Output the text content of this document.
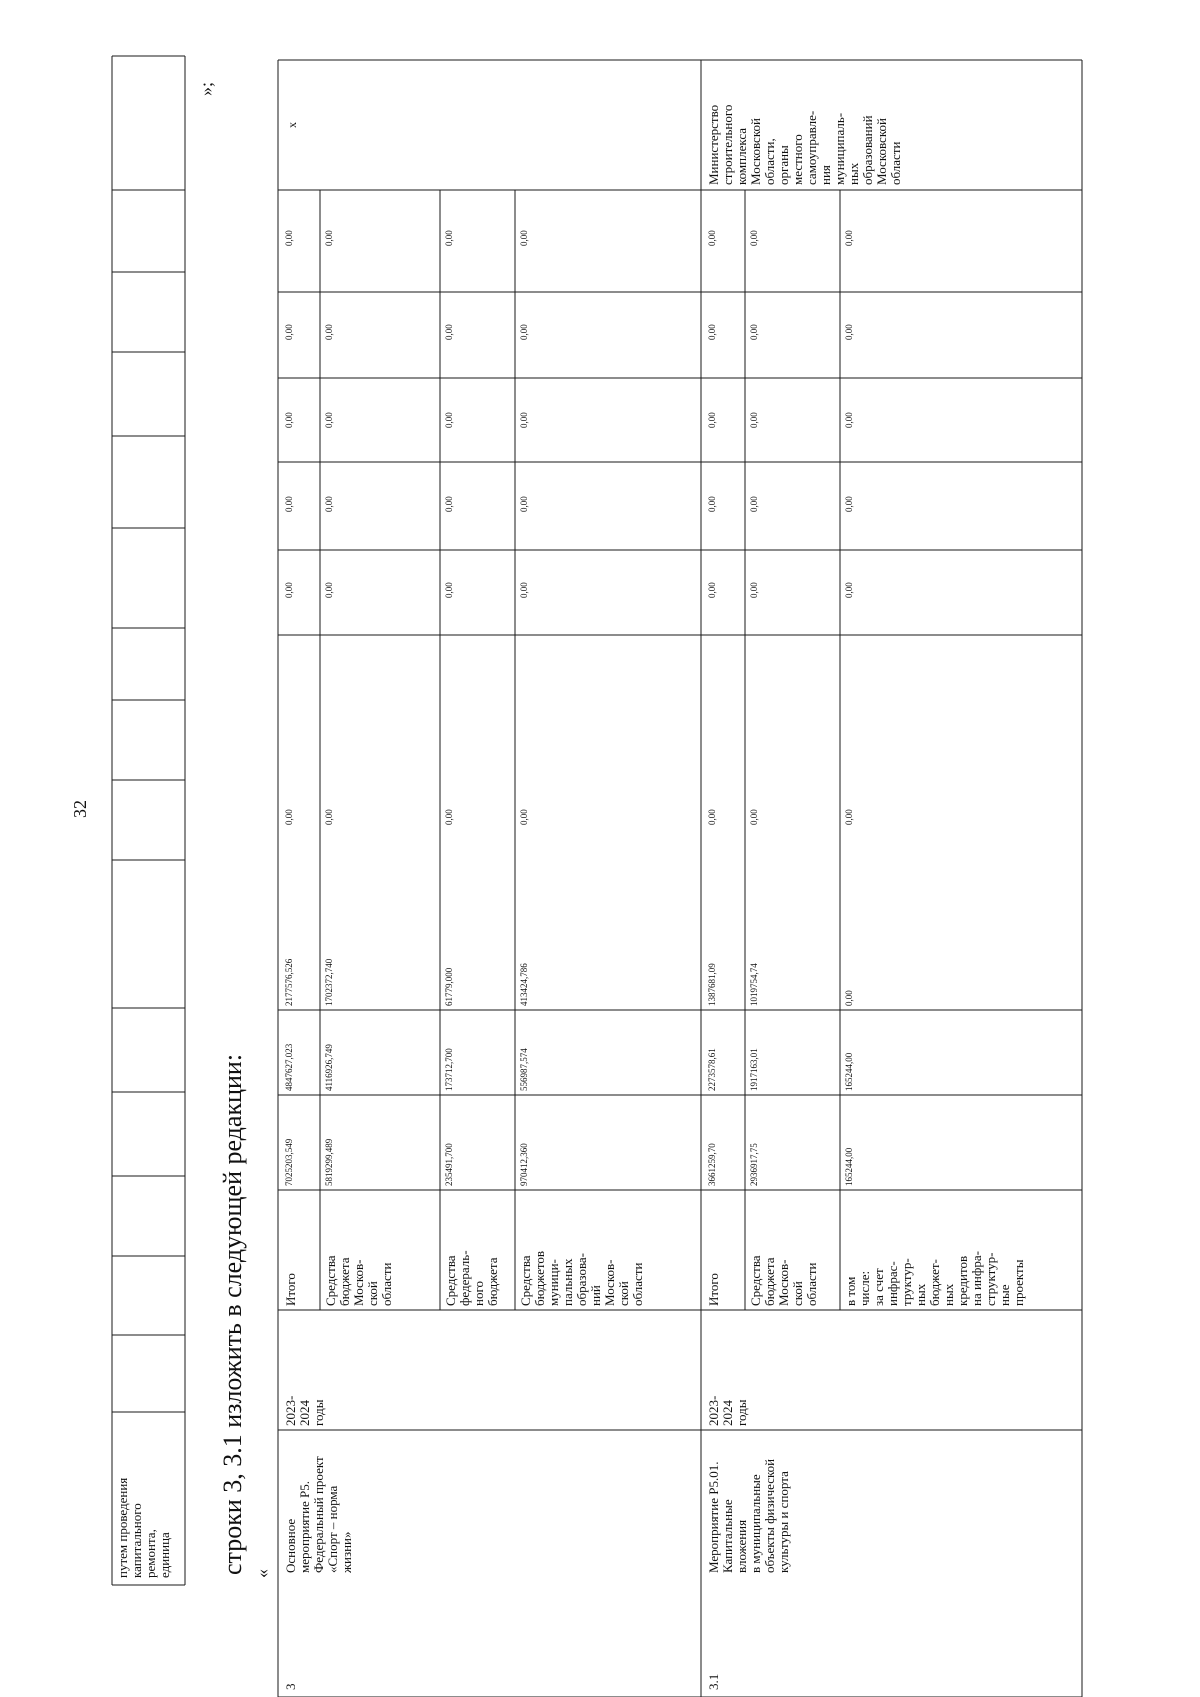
32
путем проведения
капитального
ремонта,
единица
»;
строки 3, 3.1 изложить в следующей редакции: «
3
Основное
мероприятие Р5.
Федеральный проект
«Спорт – норма
жизни»
2023-
2024
годы
х
Итого
7025203,549
4847627,023
2177576,526
0,00
0,00
0,00
0,00
0,00
0,00
Средства
бюджета
Москов-
ской
области
5819299,489
4116926,749
1702372,740
0,00
0,00
0,00
0,00
0,00
0,00
Средства
федераль-
ного
бюджета
235491,700
173712,700
61779,000
0,00
0,00
0,00
0,00
0,00
0,00
Средства
бюджетов
муници-
пальных
образова-
ний
Москов-
ской
области
970412,360
556987,574
413424,786
0,00
0,00
0,00
0,00
0,00
0,00
3.1
Мероприятие Р5.01.
Капитальные
вложения
в муниципальные
объекты физической
культуры и спорта
2023-
2024
годы
Министерство
строительного
комплекса
Московской
области,
органы
местного
самоуправле-
ния
муниципаль-
ных
образований
Московской
области
Итого
3661259,70
2273578,61
1387681,09
0,00
0,00
0,00
0,00
0,00
0,00
Средства
бюджета
Москов-
ской
области
2936917,75
1917163,01
1019754,74
0,00
0,00
0,00
0,00
0,00
0,00
в том
числе:
за счет
инфрас-
труктур-
ных
бюджет-
ных
кредитов
на инфра-
структур-
ные
проекты
165244,00
165244,00
0,00
0,00
0,00
0,00
0,00
0,00
0,00
